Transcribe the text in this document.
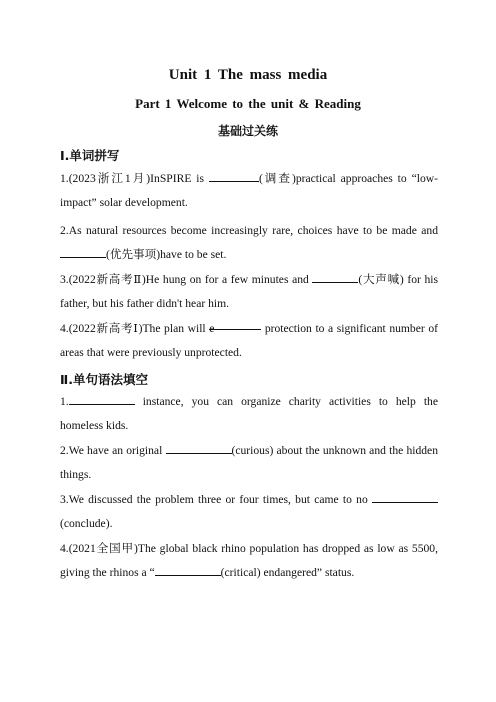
Unit 1 The mass media
Part 1 Welcome to the unit & Reading
基础过关练
Ⅰ.单词拼写
1.(2023浙江1月)InSPIRE is	(调查)practical approaches to “low-impact” solar development.
2.As natural resources become increasingly rare, choices have to be made and (优先事项)have to be set.
3.(2022新高考Ⅱ)He hung on for a few minutes and	(大声喊) for his father, but his father didn't hear him.
4.(2022新高考Ⅰ)The plan will e	protection to a significant number of areas that were previously unprotected.
Ⅱ.单句语法填空
1.	instance, you can organize charity activities to help the homeless kids.
2.We have an original	(curious) about the unknown and the hidden things.
3.We discussed the problem three or four times, but came to no  (conclude).
4.(2021全国甲)The global black rhino population has dropped as low as 5500, giving the rhinos a “	(critical) endangered” status.
